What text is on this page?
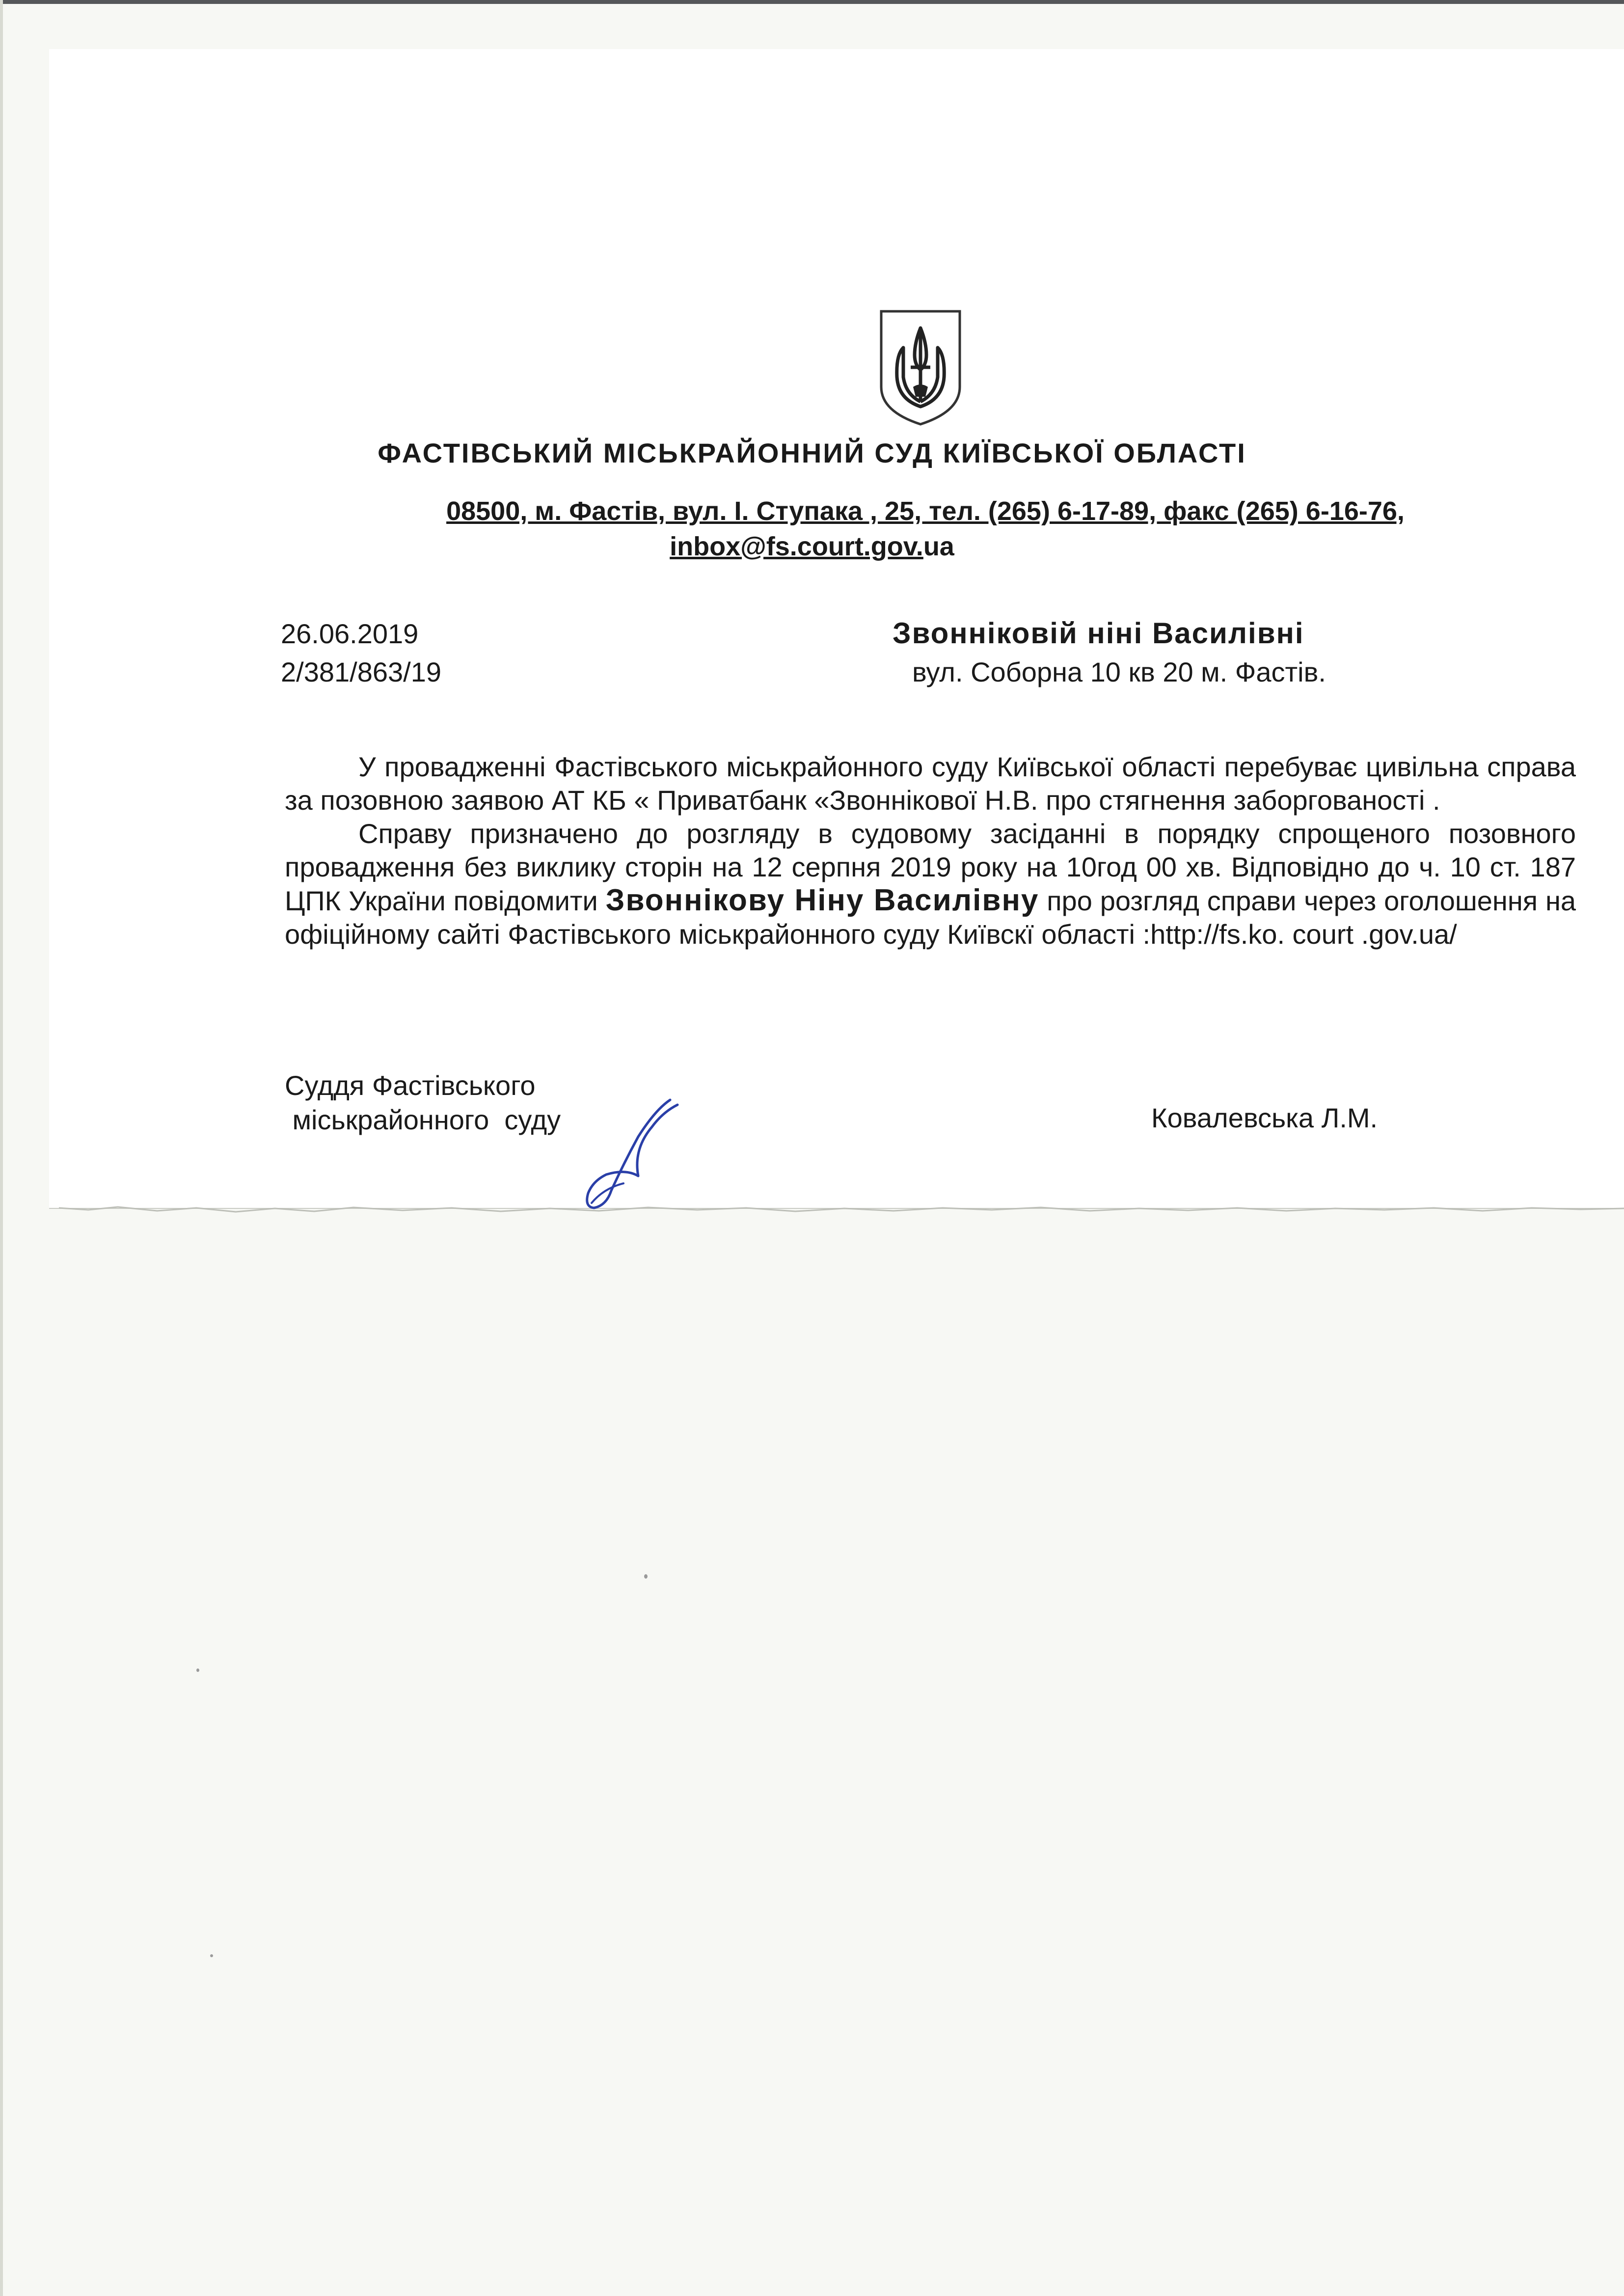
ФАСТІВСЬКИЙ МІСЬКРАЙОННИЙ СУД КИЇВСЬКОЇ ОБЛАСТІ
08500, м. Фастів, вул. І. Ступака , 25, тел. (265) 6-17-89, факс (265) 6-16-76,
inbox@fs.court.gov.ua
26.06.2019
2/381/863/19
Звонніковій ніні Василівні
вул. Соборна 10 кв 20 м. Фастів.

У провадженні Фастівського міськрайонного суду Київської області перебуває цивільна справа за позовною заявою АТ КБ « Приватбанк «Звоннікової Н.В. про стягнення заборгованості .

Справу призначено до розгляду в судовому засіданні в порядку спрощеного позовного провадження без виклику сторін на 12 серпня 2019 року на 10год 00 хв. Відповідно до ч. 10 ст. 187 ЦПК України повідомити Звоннікову Ніну Василівну про розгляд справи через оголошення на офіційному сайті Фастівського міськрайонного суду Київскї області :http://fs.ko. court .gov.ua/

Суддя Фастівського
міськрайонного  суду	Ковалевська Л.М.
